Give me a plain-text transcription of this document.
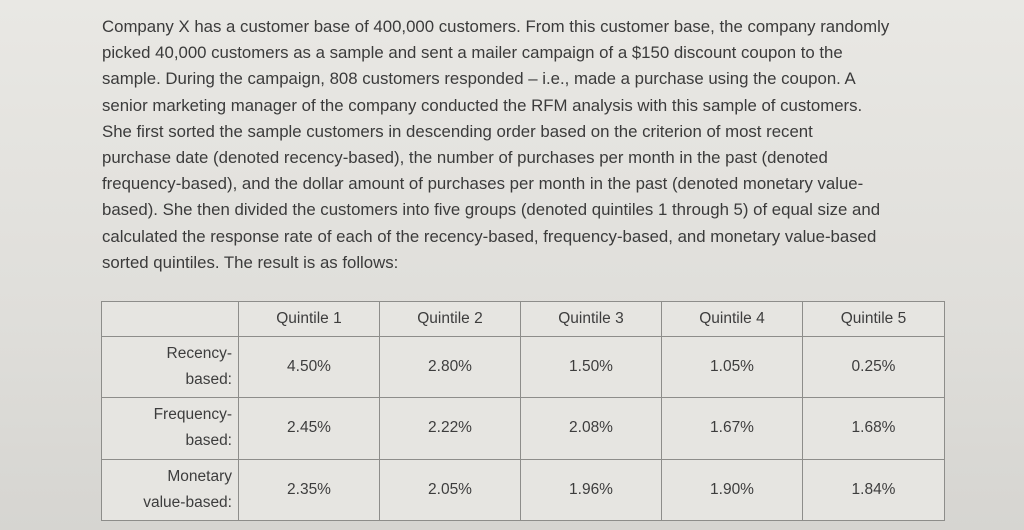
Company X has a customer base of 400,000 customers. From this customer base, the company randomly
picked 40,000 customers as a sample and sent a mailer campaign of a $150 discount coupon to the
sample. During the campaign, 808 customers responded – i.e., made a purchase using the coupon. A
senior marketing manager of the company conducted the RFM analysis with this sample of customers.
She first sorted the sample customers in descending order based on the criterion of most recent
purchase date (denoted recency-based), the number of purchases per month in the past (denoted
frequency-based), and the dollar amount of purchases per month in the past (denoted monetary value-
based). She then divided the customers into five groups (denoted quintiles 1 through 5) of equal size and
calculated the response rate of each of the recency-based, frequency-based, and monetary value-based
sorted quintiles. The result is as follows:

	Quintile 1	Quintile 2	Quintile 3	Quintile 4	Quintile 5

Recency-
based:	4.50%	2.80%	1.50%	1.05%	0.25%

Frequency-
based:	2.45%	2.22%	2.08%	1.67%	1.68%

Monetary
value-based:	2.35%	2.05%	1.96%	1.90%	1.84%
